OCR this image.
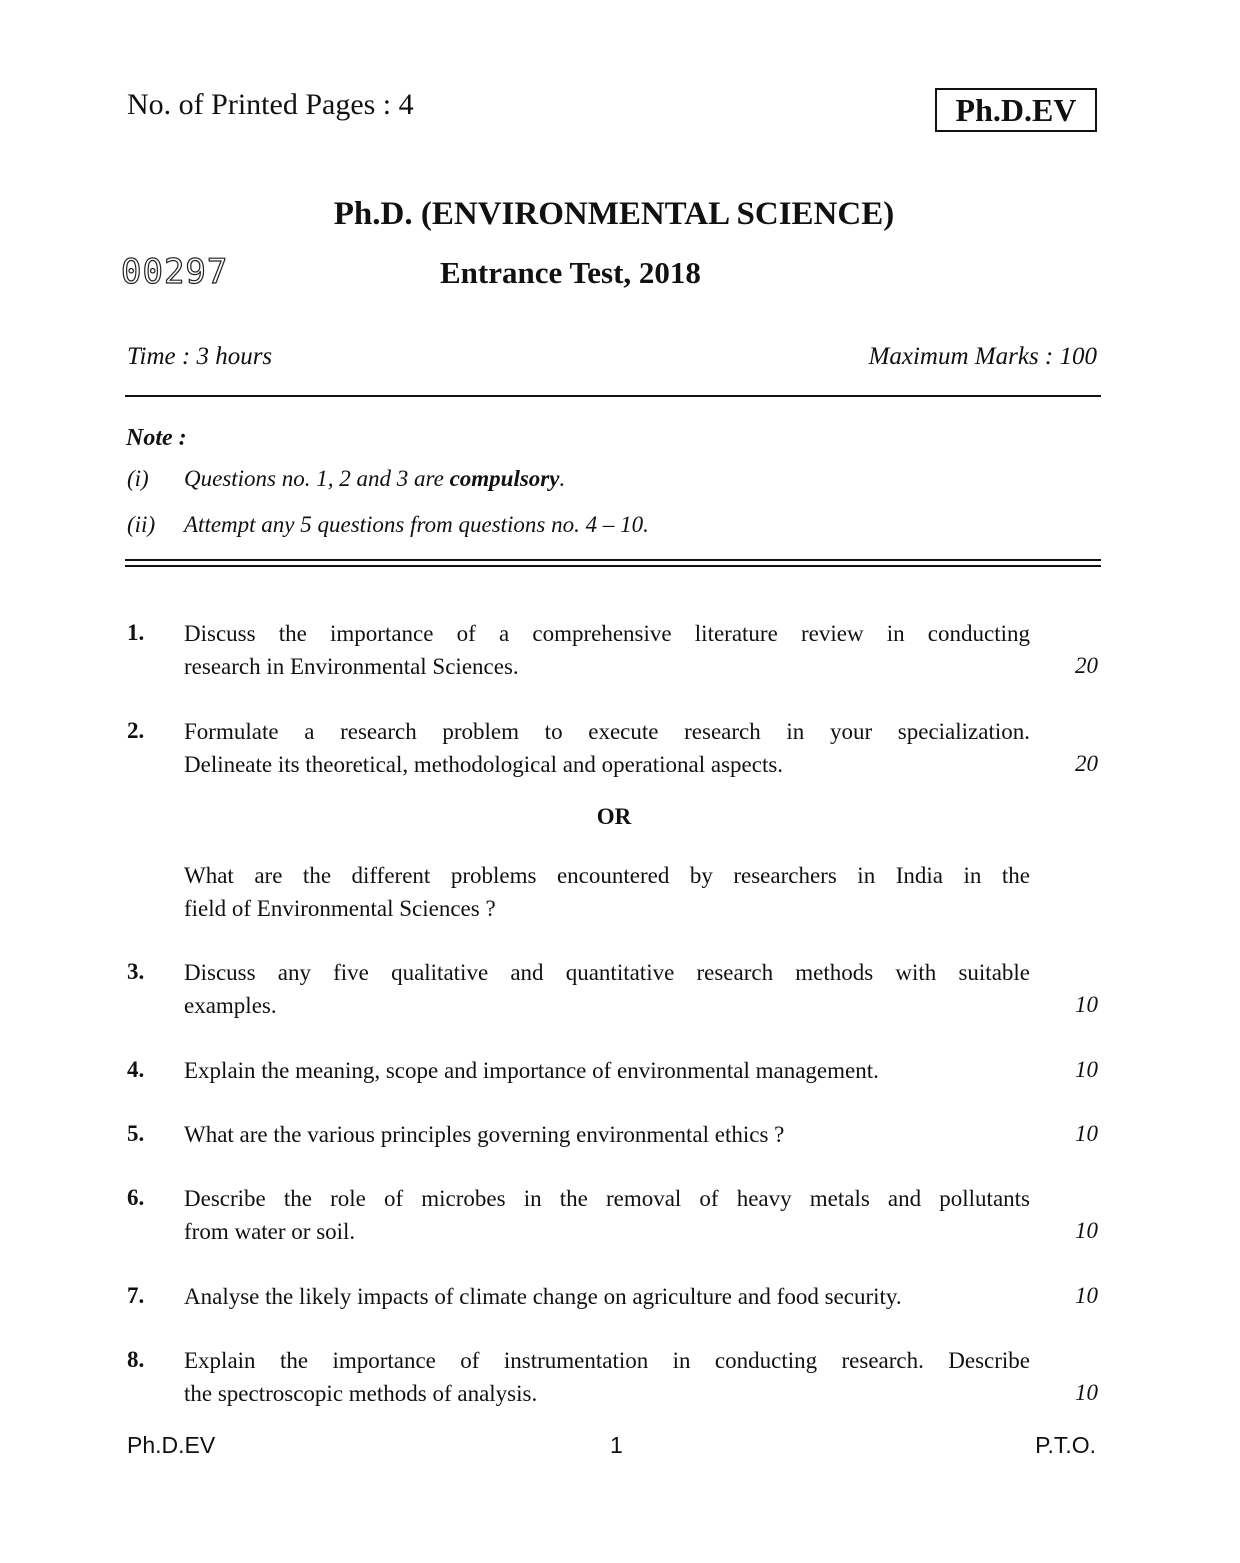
No. of Printed Pages : 4	Ph.D.EV
Ph.D. (ENVIRONMENTAL SCIENCE)
00297	Entrance Test, 2018
Time : 3 hours	Maximum Marks : 100
Note :
(i) Questions no. 1, 2 and 3 are compulsory.
(ii) Attempt any 5 questions from questions no. 4 – 10.
1. Discuss the importance of a comprehensive literature review in conducting
research in Environmental Sciences.	20
2. Formulate a research problem to execute research in your specialization.
Delineate its theoretical, methodological and operational aspects.	20
OR
What are the different problems encountered by researchers in India in the
field of Environmental Sciences ?
3. Discuss any five qualitative and quantitative research methods with suitable
examples.	10
4. Explain the meaning, scope and importance of environmental management.	10
5. What are the various principles governing environmental ethics ?	10
6. Describe the role of microbes in the removal of heavy metals and pollutants
from water or soil.	10
7. Analyse the likely impacts of climate change on agriculture and food security.	10
8. Explain the importance of instrumentation in conducting research. Describe
the spectroscopic methods of analysis.	10
Ph.D.EV	1	P.T.O.
